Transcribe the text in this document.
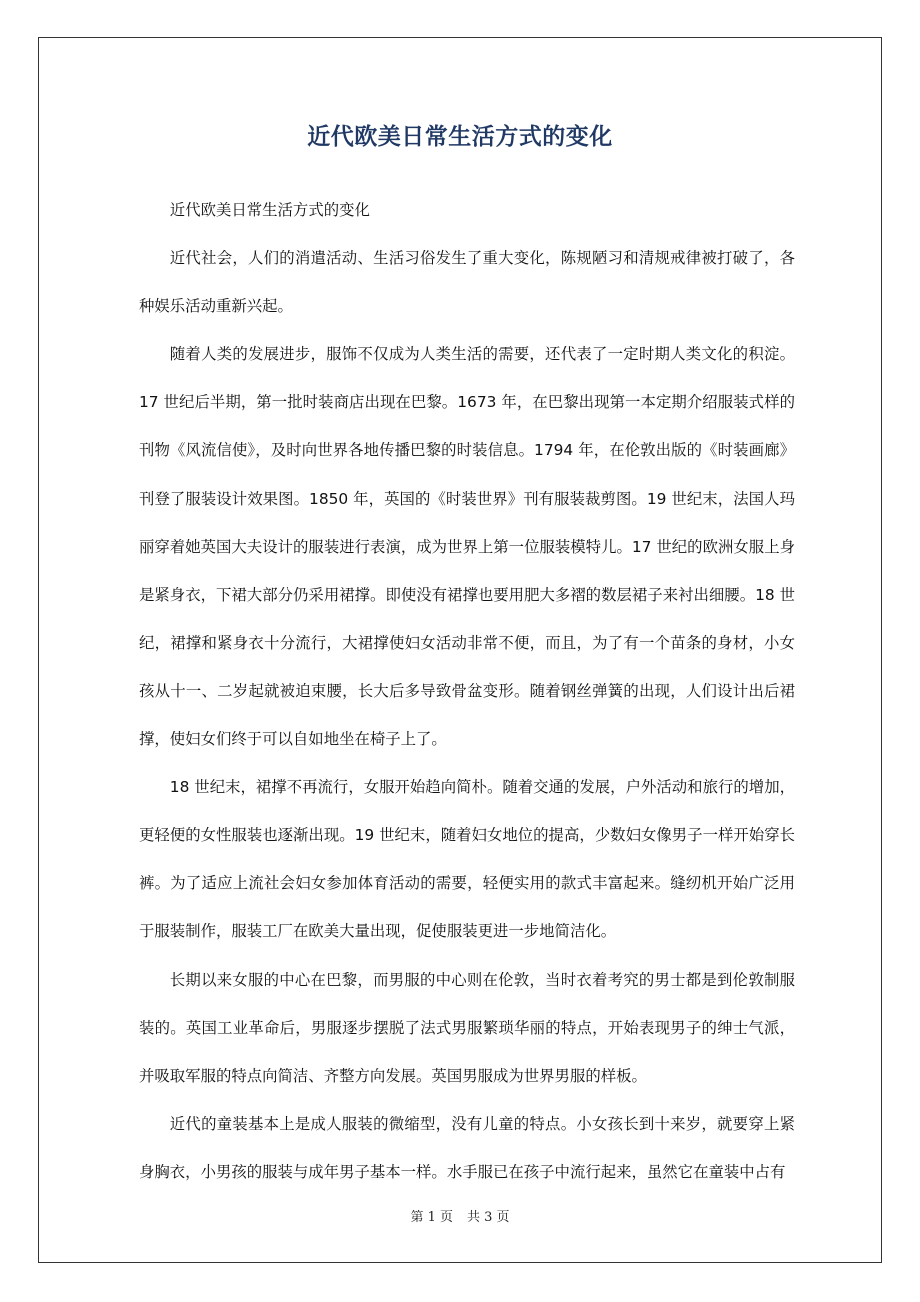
近代欧美日常生活方式的变化

近代欧美日常生活方式的变化

近代社会，人们的消遣活动、生活习俗发生了重大变化，陈规陋习和清规戒律被打破了，各种娱乐活动重新兴起。

随着人类的发展进步，服饰不仅成为人类生活的需要，还代表了一定时期人类文化的积淀。17 世纪后半期，第一批时装商店出现在巴黎。1673 年，在巴黎出现第一本定期介绍服装式样的刊物《风流信使》，及时向世界各地传播巴黎的时装信息。1794 年，在伦敦出版的《时装画廊》刊登了服装设计效果图。1850 年，英国的《时装世界》刊有服装裁剪图。19 世纪末，法国人玛丽穿着她英国大夫设计的服装进行表演，成为世界上第一位服装模特儿。17 世纪的欧洲女服上身是紧身衣，下裙大部分仍采用裙撑。即使没有裙撑也要用肥大多褶的数层裙子来衬出细腰。18 世纪，裙撑和紧身衣十分流行，大裙撑使妇女活动非常不便，而且，为了有一个苗条的身材，小女孩从十一、二岁起就被迫束腰，长大后多导致骨盆变形。随着钢丝弹簧的出现，人们设计出后裙撑，使妇女们终于可以自如地坐在椅子上了。

18 世纪末，裙撑不再流行，女服开始趋向简朴。随着交通的发展，户外活动和旅行的增加，更轻便的女性服装也逐渐出现。19 世纪末，随着妇女地位的提高，少数妇女像男子一样开始穿长裤。为了适应上流社会妇女参加体育活动的需要，轻便实用的款式丰富起来。缝纫机开始广泛用于服装制作，服装工厂在欧美大量出现，促使服装更进一步地简洁化。

长期以来女服的中心在巴黎，而男服的中心则在伦敦，当时衣着考究的男士都是到伦敦制服装的。英国工业革命后，男服逐步摆脱了法式男服繁琐华丽的特点，开始表现男子的绅士气派，并吸取军服的特点向简洁、齐整方向发展。英国男服成为世界男服的样板。

近代的童装基本上是成人服装的微缩型，没有儿童的特点。小女孩长到十来岁，就要穿上紧身胸衣，小男孩的服装与成年男子基本一样。水手服已在孩子中流行起来，虽然它在童装中占有

第 1 页 共 3 页
